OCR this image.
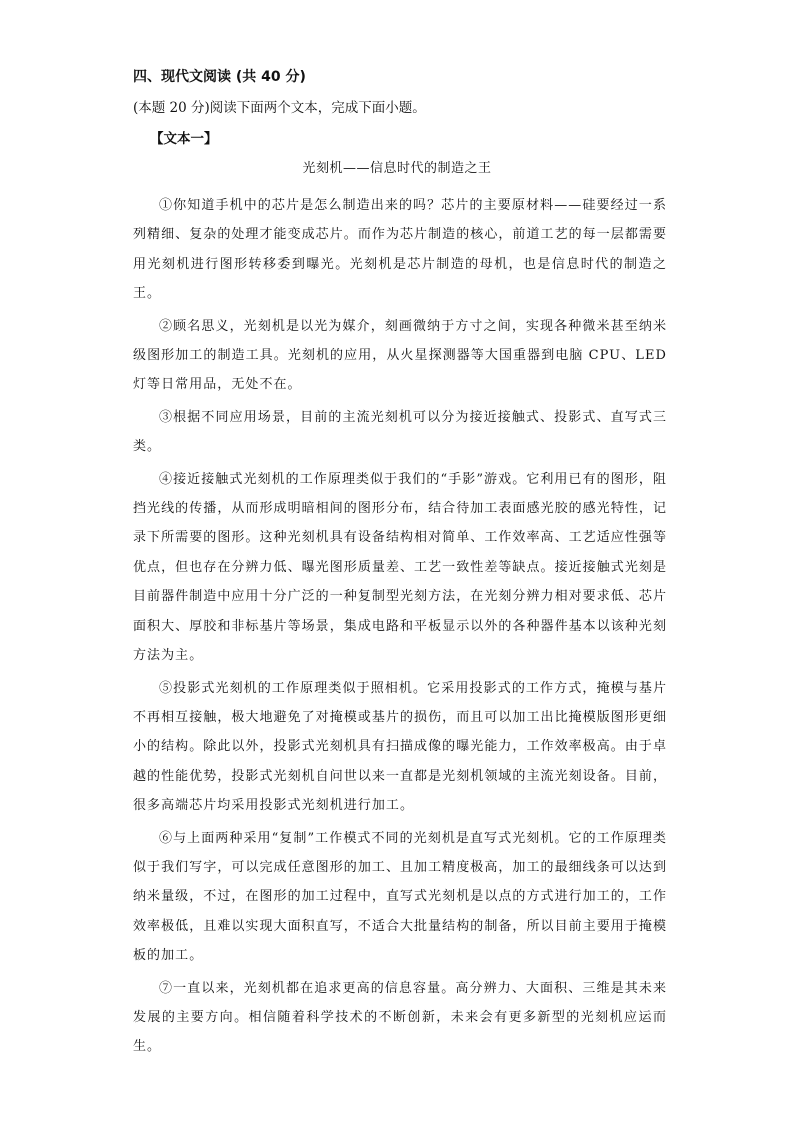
四、现代文阅读 (共 40 分)
(本题 20 分)阅读下面两个文本，完成下面小题。
【文本一】
光刻机——信息时代的制造之王

①你知道手机中的芯片是怎么制造出来的吗？芯片的主要原材料——硅要经过一系列精细、复杂的处理才能变成芯片。而作为芯片制造的核心，前道工艺的每一层都需要用光刻机进行图形转移委到曝光。光刻机是芯片制造的母机，也是信息时代的制造之王。

②顾名思义，光刻机是以光为媒介，刻画微纳于方寸之间，实现各种微米甚至纳米级图形加工的制造工具。光刻机的应用，从火星探测器等大国重器到电脑 CPU、LED 灯等日常用品，无处不在。

③根据不同应用场景，目前的主流光刻机可以分为接近接触式、投影式、直写式三类。

④接近接触式光刻机的工作原理类似于我们的“手影”游戏。它利用已有的图形，阻挡光线的传播，从而形成明暗相间的图形分布，结合待加工表面感光胶的感光特性，记录下所需要的图形。这种光刻机具有设备结构相对简单、工作效率高、工艺适应性强等优点，但也存在分辨力低、曝光图形质量差、工艺一致性差等缺点。接近接触式光刻是目前器件制造中应用十分广泛的一种复制型光刻方法，在光刻分辨力相对要求低、芯片面积大、厚胶和非标基片等场景，集成电路和平板显示以外的各种器件基本以该种光刻方法为主。

⑤投影式光刻机的工作原理类似于照相机。它采用投影式的工作方式，掩模与基片不再相互接触，极大地避免了对掩模或基片的损伤，而且可以加工出比掩模版图形更细小的结构。除此以外，投影式光刻机具有扫描成像的曝光能力，工作效率极高。由于卓越的性能优势，投影式光刻机自问世以来一直都是光刻机领域的主流光刻设备。目前，很多高端芯片均采用投影式光刻机进行加工。

⑥与上面两种采用“复制”工作模式不同的光刻机是直写式光刻机。它的工作原理类似于我们写字，可以完成任意图形的加工、且加工精度极高，加工的最细线条可以达到纳米量级，不过，在图形的加工过程中，直写式光刻机是以点的方式进行加工的，工作效率极低，且难以实现大面积直写，不适合大批量结构的制备，所以目前主要用于掩模板的加工。

⑦一直以来，光刻机都在追求更高的信息容量。高分辨力、大面积、三维是其未来发展的主要方向。相信随着科学技术的不断创新，未来会有更多新型的光刻机应运而生。
